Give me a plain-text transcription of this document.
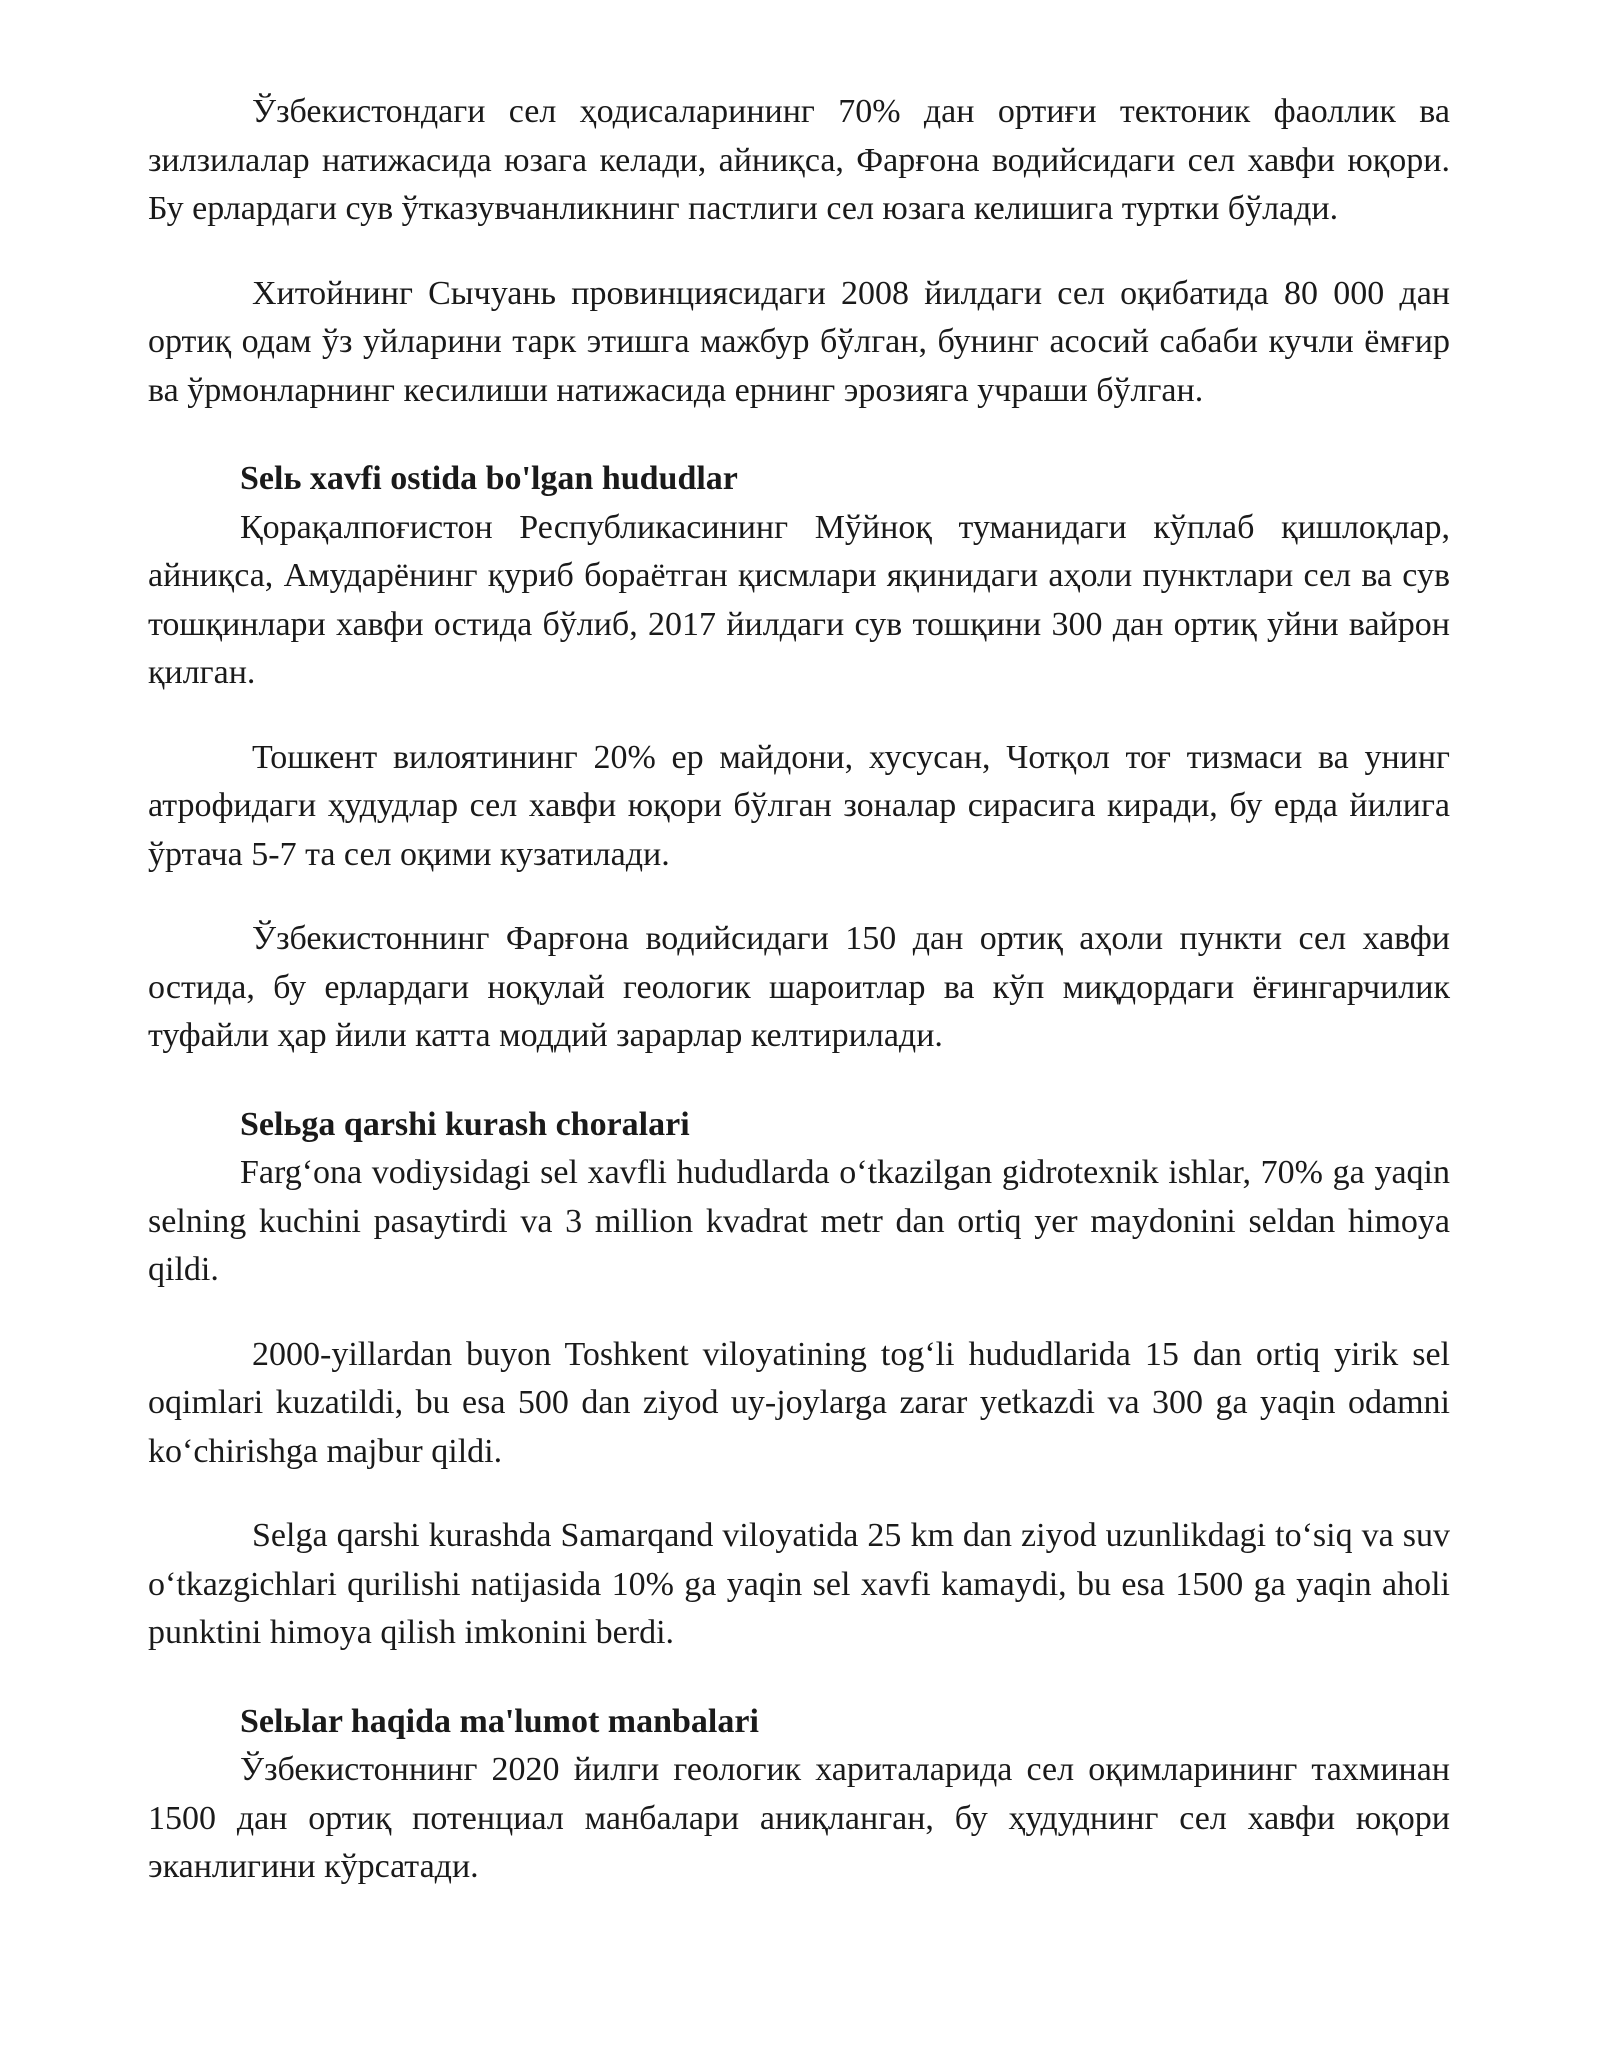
Ўзбекистондаги сел ҳодисаларининг 70% дан ортиғи тектоник фаоллик ва зилзилалар натижасида юзага келади, айниқса, Фарғона водийсидаги сел хавфи юқори. Бу ерлардаги сув ўтказувчанликнинг пастлиги сел юзага келишига туртки бўлади.

Хитойнинг Сычуань провинциясидаги 2008 йилдаги сел оқибатида 80 000 дан ортиқ одам ўз уйларини тарк этишга мажбур бўлган, бунинг асосий сабаби кучли ёмғир ва ўрмонларнинг кесилиши натижасида ернинг эрозияга учраши бўлган.

Selь xavfi ostida bo'lgan hududlar

Қорақалпоғистон Республикасининг Мўйноқ туманидаги кўплаб қишлоқлар, айниқса, Амударёнинг қуриб бораётган қисмлари яқинидаги аҳоли пунктлари сел ва сув тошқинлари хавфи остида бўлиб, 2017 йилдаги сув тошқини 300 дан ортиқ уйни вайрон қилган.

Тошкент вилоятининг 20% ер майдони, хусусан, Чотқол тоғ тизмаси ва унинг атрофидаги ҳудудлар сел хавфи юқори бўлган зоналар сирасига киради, бу ерда йилига ўртача 5-7 та сел оқими кузатилади.

Ўзбекистоннинг Фарғона водийсидаги 150 дан ортиқ аҳоли пункти сел хавфи остида, бу ерлардаги ноқулай геологик шароитлар ва кўп миқдордаги ёғингарчилик туфайли ҳар йили катта моддий зарарлар келтирилади.

Selьga qarshi kurash choralari

Farg‘ona vodiysidagi sel xavfli hududlarda o‘tkazilgan gidrotexnik ishlar, 70% ga yaqin selning kuchini pasaytirdi va 3 million kvadrat metr dan ortiq yer maydonini seldan himoya qildi.

2000-yillardan buyon Toshkent viloyatining tog‘li hududlarida 15 dan ortiq yirik sel oqimlari kuzatildi, bu esa 500 dan ziyod uy-joylarga zarar yetkazdi va 300 ga yaqin odamni ko‘chirishga majbur qildi.

Selga qarshi kurashda Samarqand viloyatida 25 km dan ziyod uzunlikdagi to‘siq va suv o‘tkazgichlari qurilishi natijasida 10% ga yaqin sel xavfi kamaydi, bu esa 1500 ga yaqin aholi punktini himoya qilish imkonini berdi.

Selьlar haqida ma'lumot manbalari

Ўзбекистоннинг 2020 йилги геологик хариталарида сел оқимларининг тахминан 1500 дан ортиқ потенциал манбалари аниқланган, бу ҳудуднинг сел хавфи юқори эканлигини кўрсатади.
